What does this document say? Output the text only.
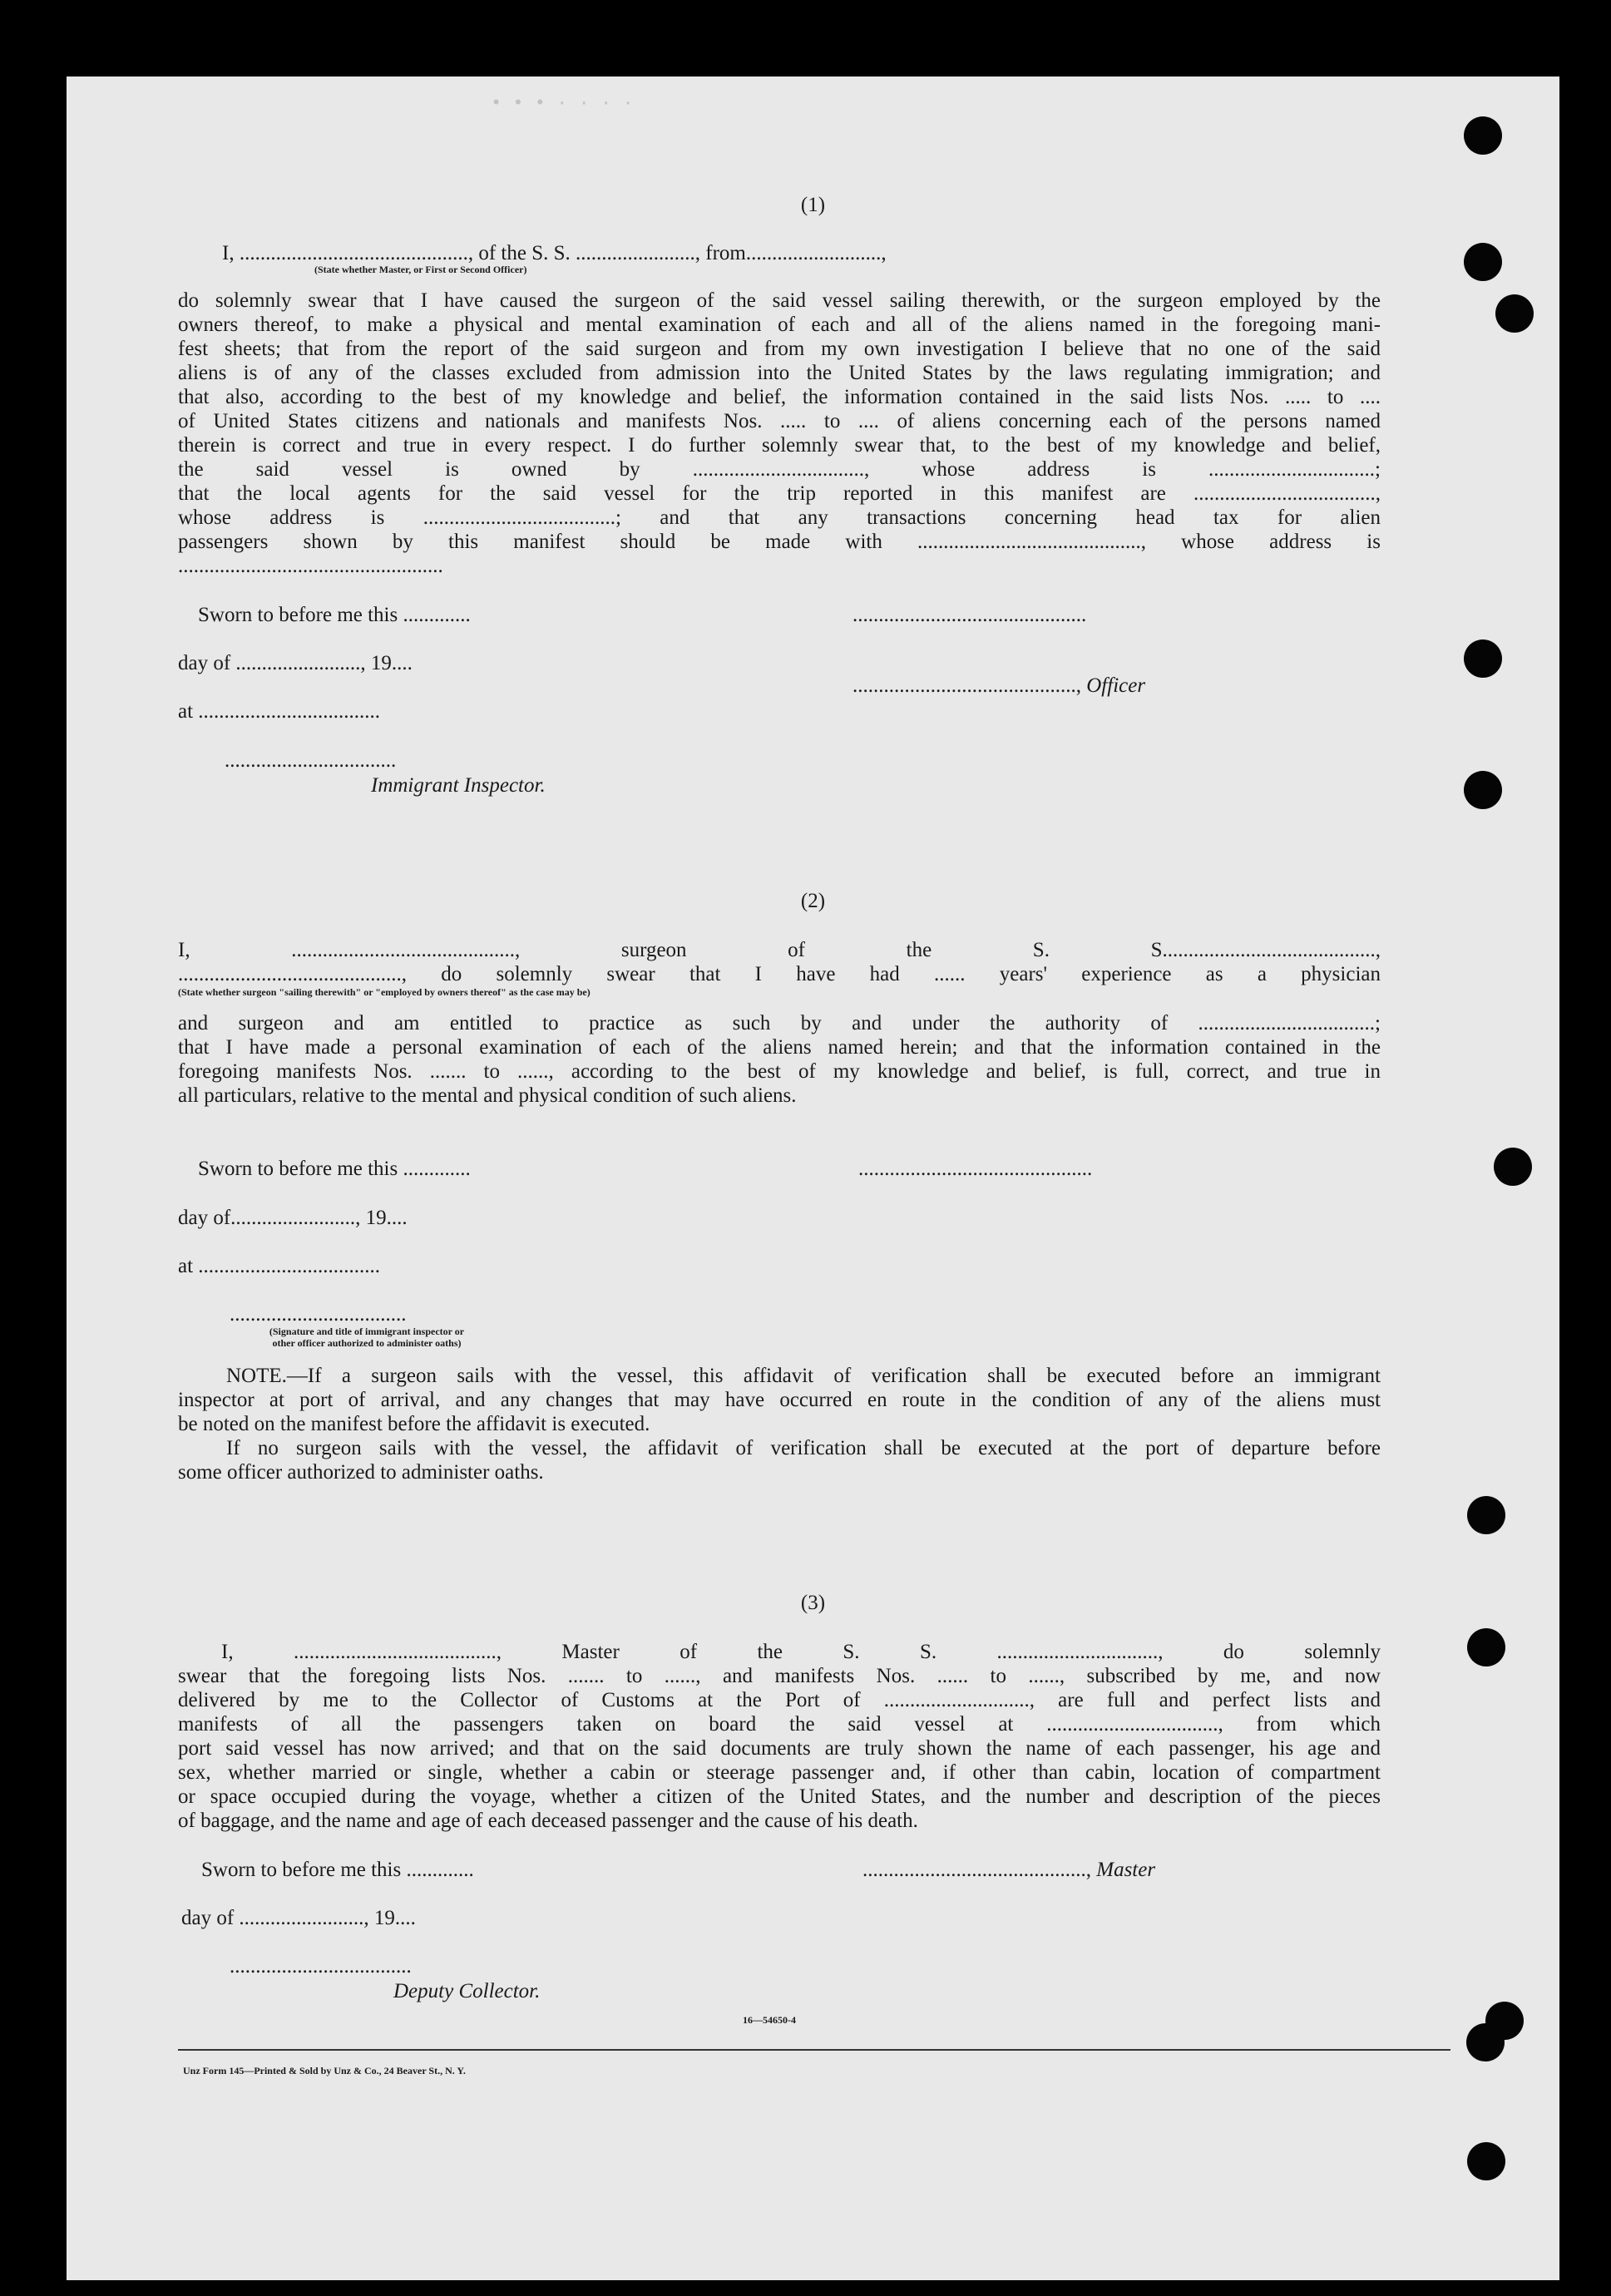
• • • · · · ·
(1)
I, ............................................, of the S. S. ......................., from..........................,
(State whether Master, or First or Second Officer)
do solemnly swear that I have caused the surgeon of the said vessel sailing therewith, or the surgeon employed by the
owners thereof, to make a physical and mental examination of each and all of the aliens named in the foregoing mani-
fest sheets; that from the report of the said surgeon and from my own investigation I believe that no one of the said
aliens is of any of the classes excluded from admission into the United States by the laws regulating immigration; and
that also, according to the best of my knowledge and belief, the information contained in the said lists Nos. ..... to ....
of United States citizens and nationals and manifests Nos. ..... to .... of aliens concerning each of the persons named
therein is correct and true in every respect. I do further solemnly swear that, to the best of my knowledge and belief,
the said vessel is owned by ................................., whose address is ................................;
that the local agents for the said vessel for the trip reported in this manifest are ...................................,
whose address is .....................................; and that any transactions concerning head tax for alien
passengers shown by this manifest should be made with ..........................................., whose address is
...................................................
Sworn to before me this .............
day of ........................, 19....
at ...................................
.................................
Immigrant Inspector.
.............................................
..........................................., Officer
(2)
I, ..........................................., surgeon of the S. S.........................................,
..........................................., do solemnly swear that I have had ...... years' experience as a physician
(State whether surgeon "sailing therewith" or "employed by owners thereof" as the case may be)
and surgeon and am entitled to practice as such by and under the authority of ..................................;
that I have made a personal examination of each of the aliens named herein; and that the information contained in the
foregoing manifests Nos. ....... to ......, according to the best of my knowledge and belief, is full, correct, and true in
all particulars, relative to the mental and physical condition of such aliens.
Sworn to before me this .............
day of........................, 19....
at ...................................
..................................
(Signature and title of immigrant inspector or
other officer authorized to administer oaths)
.............................................
NOTE.—If a surgeon sails with the vessel, this affidavit of verification shall be executed before an immigrant
inspector at port of arrival, and any changes that may have occurred en route in the condition of any of the aliens must
be noted on the manifest before the affidavit is executed.
If no surgeon sails with the vessel, the affidavit of verification shall be executed at the port of departure before
some officer authorized to administer oaths.
(3)
I, ......................................., Master of the S. S. ..............................., do solemnly
swear that the foregoing lists Nos. ....... to ......, and manifests Nos. ...... to ......, subscribed by me, and now
delivered by me to the Collector of Customs at the Port of ............................, are full and perfect lists and
manifests of all the passengers taken on board the said vessel at ................................., from which
port said vessel has now arrived; and that on the said documents are truly shown the name of each passenger, his age and
sex, whether married or single, whether a cabin or steerage passenger and, if other than cabin, location of compartment
or space occupied during the voyage, whether a citizen of the United States, and the number and description of the pieces
of baggage, and the name and age of each deceased passenger and the cause of his death.
Sworn to before me this .............
day of ........................, 19....
...................................
Deputy Collector.
..........................................., Master
16—54650-4
Unz Form 145—Printed & Sold by Unz & Co., 24 Beaver St., N. Y.
